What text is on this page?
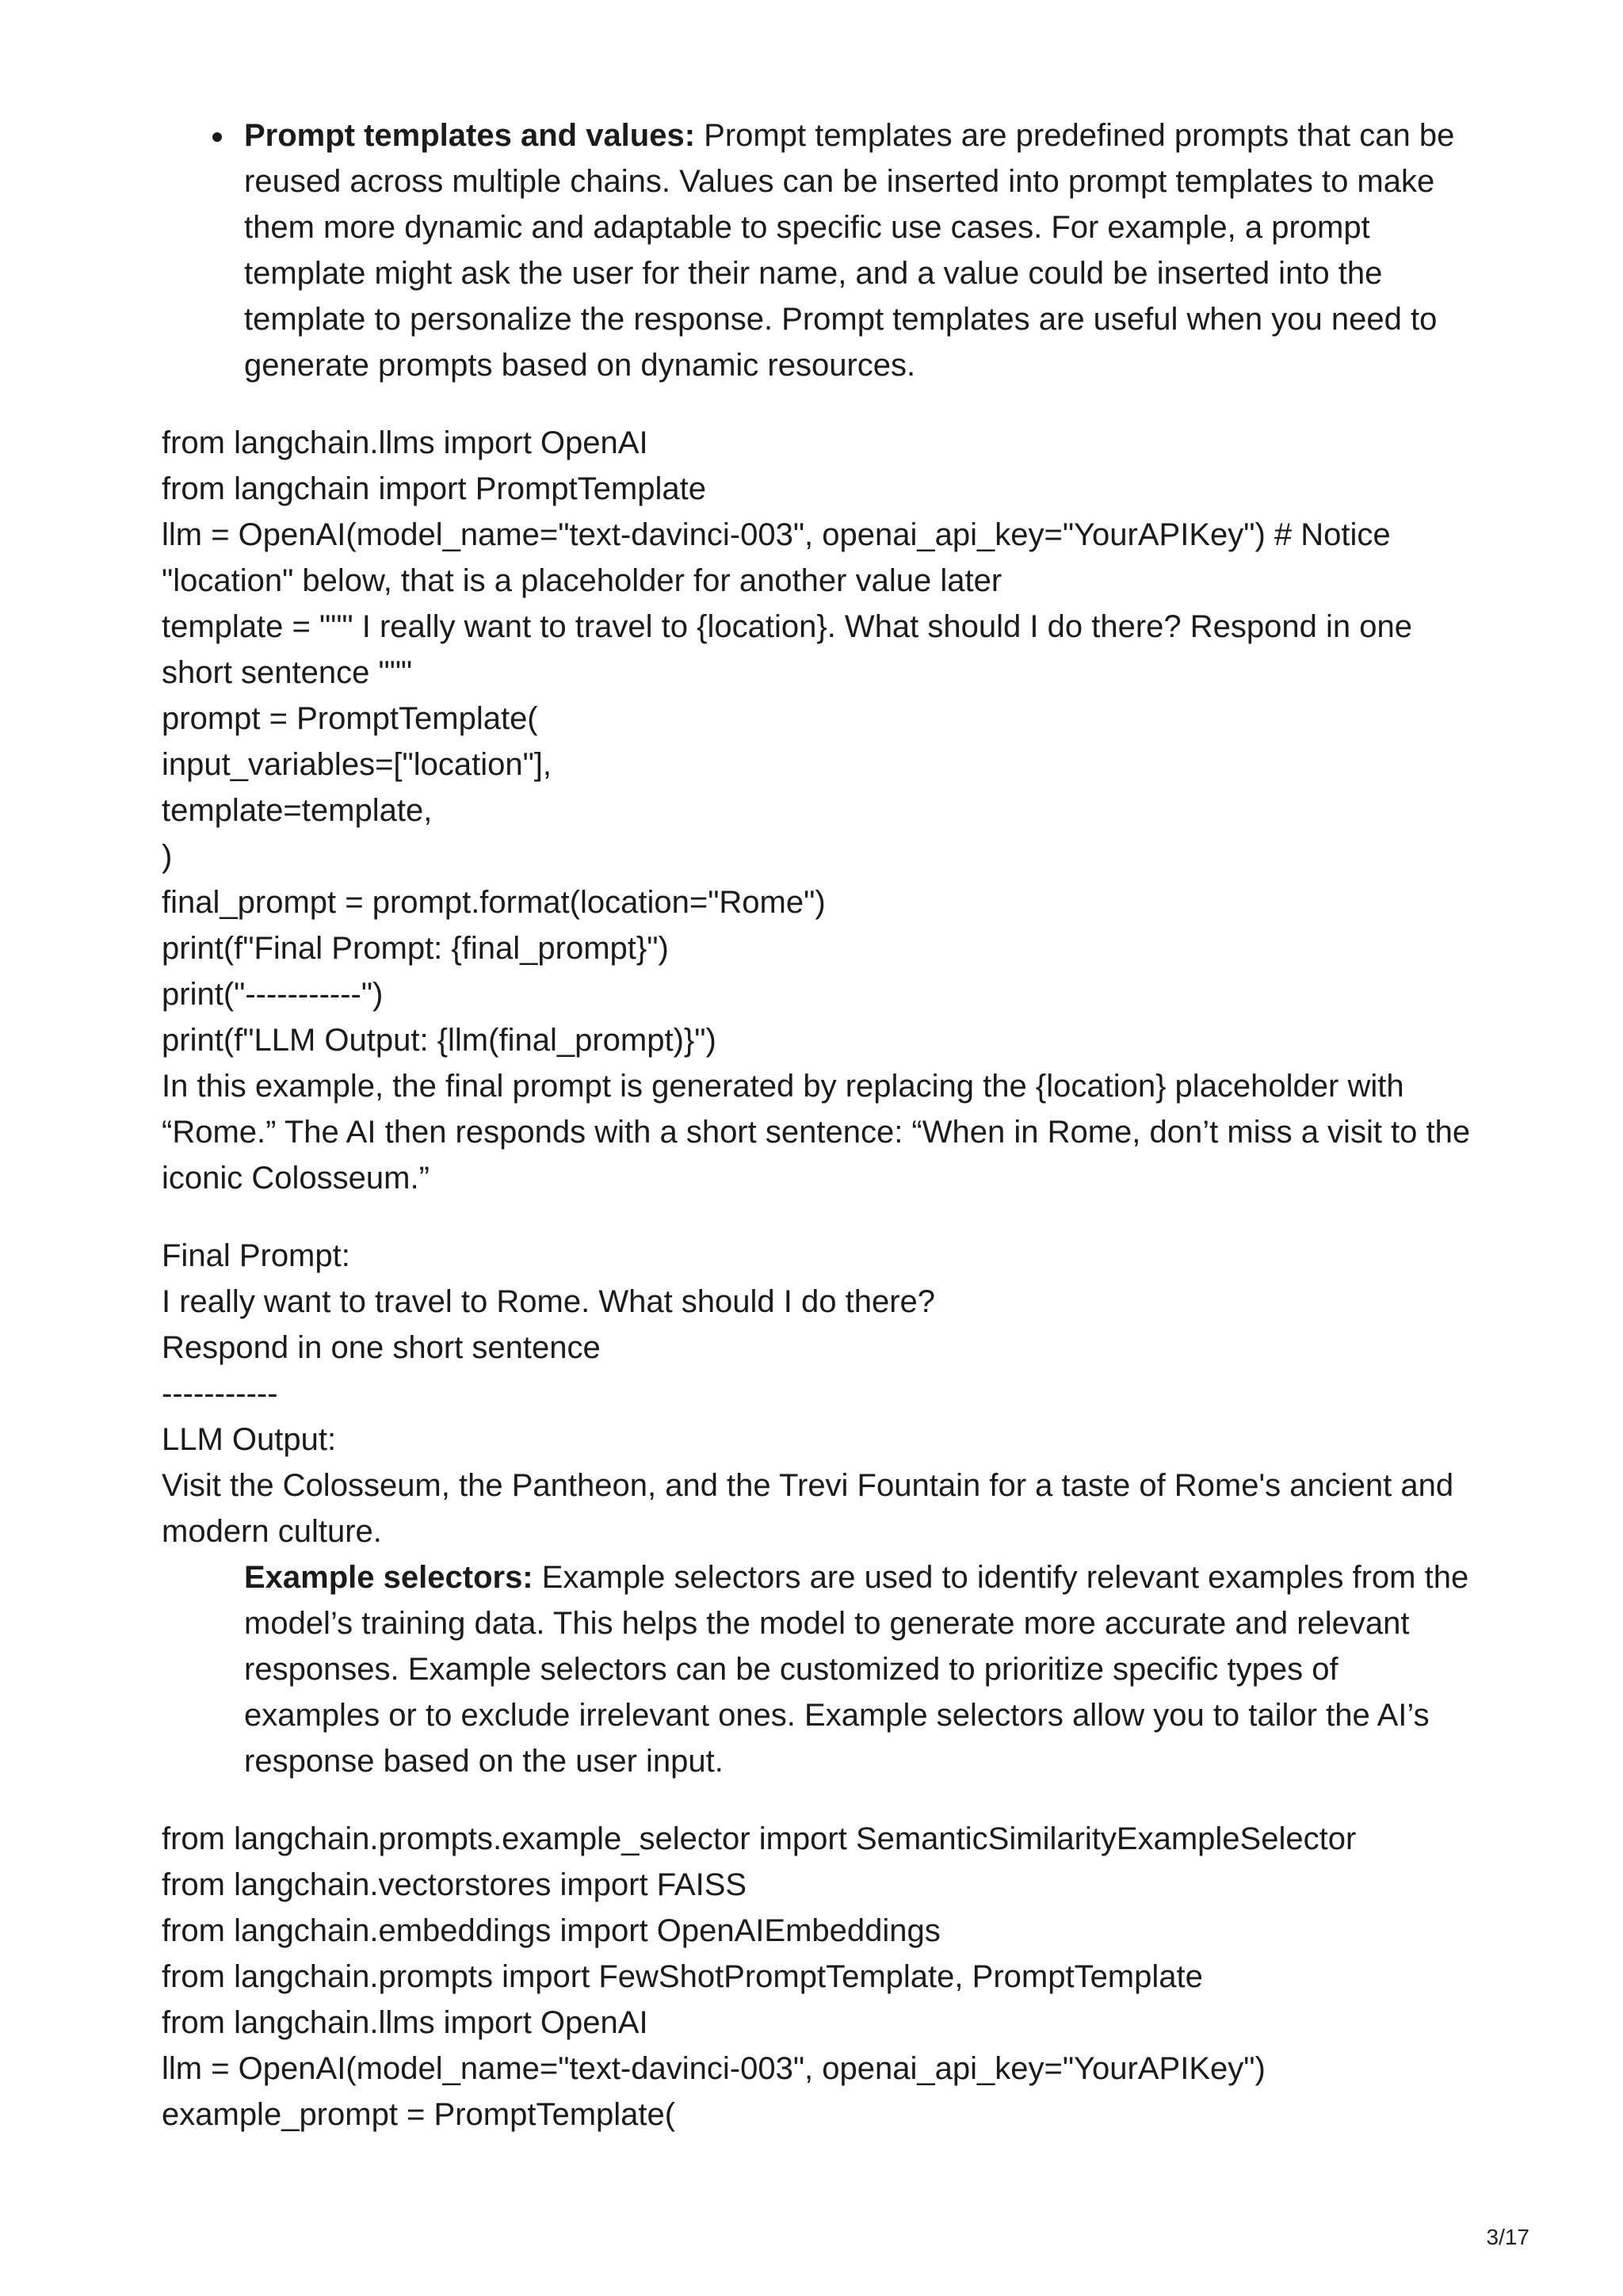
Prompt templates and values: Prompt templates are predefined prompts that can be reused across multiple chains. Values can be inserted into prompt templates to make them more dynamic and adaptable to specific use cases. For example, a prompt template might ask the user for their name, and a value could be inserted into the template to personalize the response. Prompt templates are useful when you need to generate prompts based on dynamic resources.
from langchain.llms import OpenAI
from langchain import PromptTemplate
llm = OpenAI(model_name="text-davinci-003", openai_api_key="YourAPIKey") # Notice "location" below, that is a placeholder for another value later
template = """ I really want to travel to {location}. What should I do there? Respond in one short sentence """
prompt = PromptTemplate(
input_variables=["location"],
template=template,
)
final_prompt = prompt.format(location="Rome")
print(f"Final Prompt: {final_prompt}")
print("-----------")
print(f"LLM Output: {llm(final_prompt)}")
In this example, the final prompt is generated by replacing the {location} placeholder with “Rome.” The AI then responds with a short sentence: “When in Rome, don’t miss a visit to the iconic Colosseum.”
Final Prompt:
I really want to travel to Rome. What should I do there?
Respond in one short sentence
-----------
LLM Output:
Visit the Colosseum, the Pantheon, and the Trevi Fountain for a taste of Rome's ancient and modern culture.
Example selectors: Example selectors are used to identify relevant examples from the model’s training data. This helps the model to generate more accurate and relevant responses. Example selectors can be customized to prioritize specific types of examples or to exclude irrelevant ones. Example selectors allow you to tailor the AI’s response based on the user input.
from langchain.prompts.example_selector import SemanticSimilarityExampleSelector
from langchain.vectorstores import FAISS
from langchain.embeddings import OpenAIEmbeddings
from langchain.prompts import FewShotPromptTemplate, PromptTemplate
from langchain.llms import OpenAI
llm = OpenAI(model_name="text-davinci-003", openai_api_key="YourAPIKey")
example_prompt = PromptTemplate(
3/17
